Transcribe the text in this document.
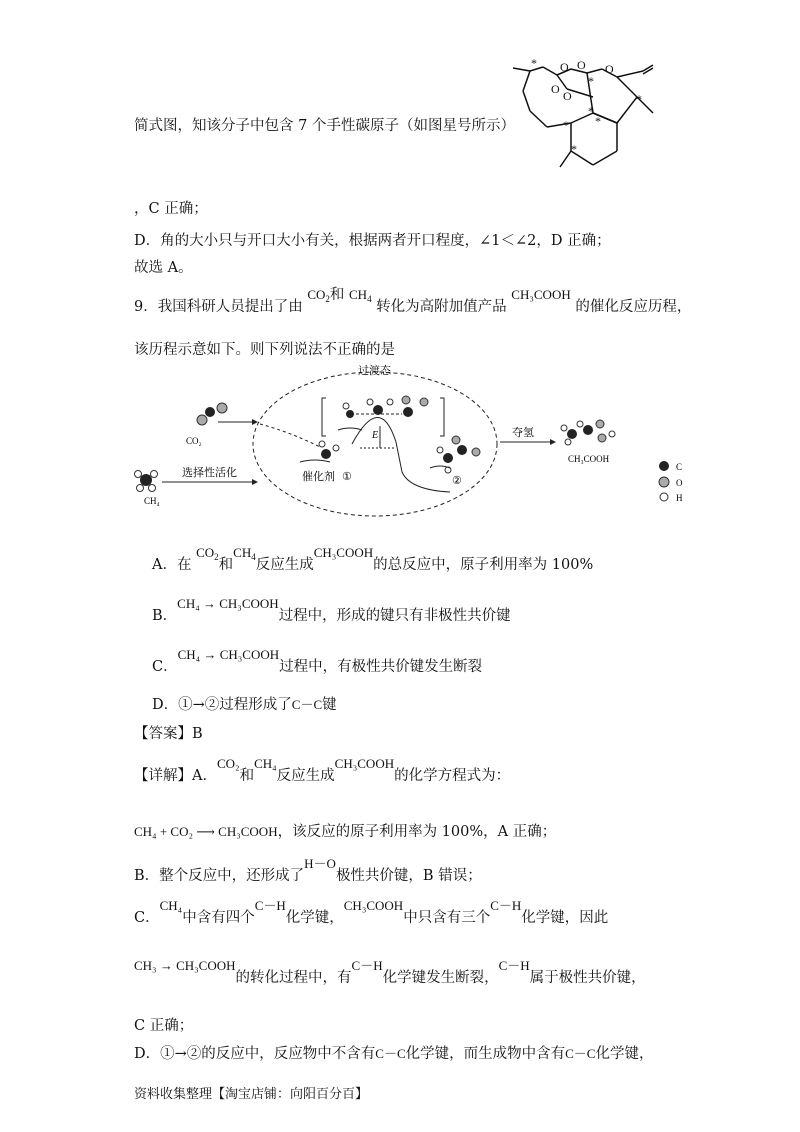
* O O
*
O
O O
*
*
*
*
*
简式图，知该分子中包含 7 个手性碳原子（如图星号所示）
，C 正确；
D．角的大小只与开口大小有关，根据两者开口程度，∠1＜∠2，D 正确；
故选 A。
9．我国科研人员提出了由 $CO_2$和 $CH_4$ 转化为高附加值产品 CH₃COOH 的催化反应历程，
该历程示意如下。则下列说法不正确的是
过渡态
CO₂
CH₄
选择性活化	催化剂 ①
E
②
夺氢
CH₃COOH
C
O
H
A．在 $CO_2$和$CH_4$反应生成CH₃COOH的总反应中，原子利用率为 100%
B．CH₄ → CH₃COOH过程中，形成的键只有非极性共价键
C．CH₄ → CH₃COOH过程中，有极性共价键发生断裂
D．①→②过程形成了C－C键
【答案】B
【详解】A．CO₂和CH₄反应生成CH₃COOH的化学方程式为：
CH₄ + CO₂ ⟶ CH₃COOH，该反应的原子利用率为 100%，A 正确；
B．整个反应中，还形成了H－O极性共价键，B 错误；
C．CH₄中含有四个C－H化学键，CH₃COOH中只含有三个C－H化学键，因此
CH₃ → CH₃COOH的转化过程中，有C－H化学键发生断裂，C－H属于极性共价键，
C 正确；
D．①→②的反应中，反应物中不含有C－C化学键，而生成物中含有C－C化学键，
资料收集整理【淘宝店铺：向阳百分百】
